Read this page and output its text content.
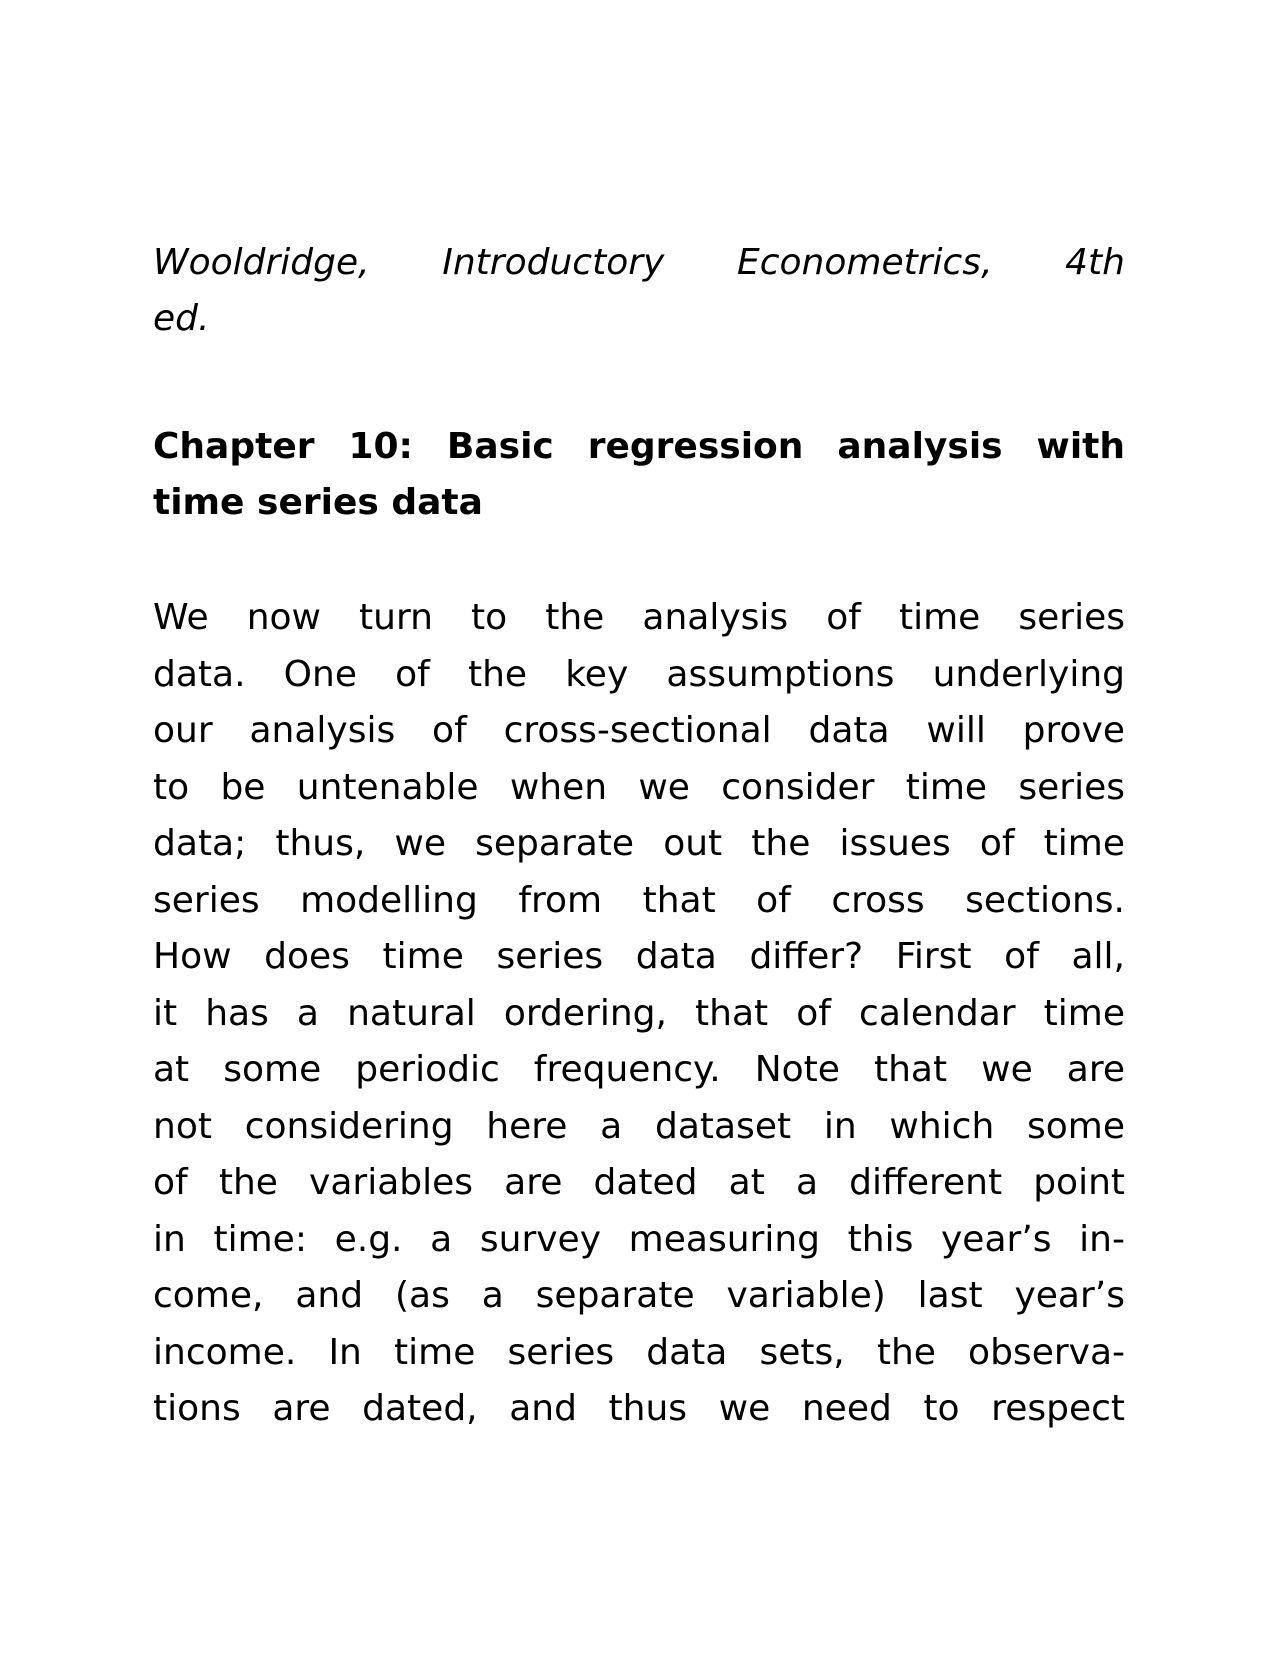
Wooldridge, Introductory Econometrics, 4th
ed.

Chapter 10: Basic regression analysis with
time series data

We now turn to the analysis of time series
data. One of the key assumptions underlying
our analysis of cross-sectional data will prove
to be untenable when we consider time series
data; thus, we separate out the issues of time
series modelling from that of cross sections.
How does time series data differ? First of all,
it has a natural ordering, that of calendar time
at some periodic frequency. Note that we are
not considering here a dataset in which some
of the variables are dated at a different point
in time: e.g. a survey measuring this year’s in-
come, and (as a separate variable) last year’s
income. In time series data sets, the observa-
tions are dated, and thus we need to respect
